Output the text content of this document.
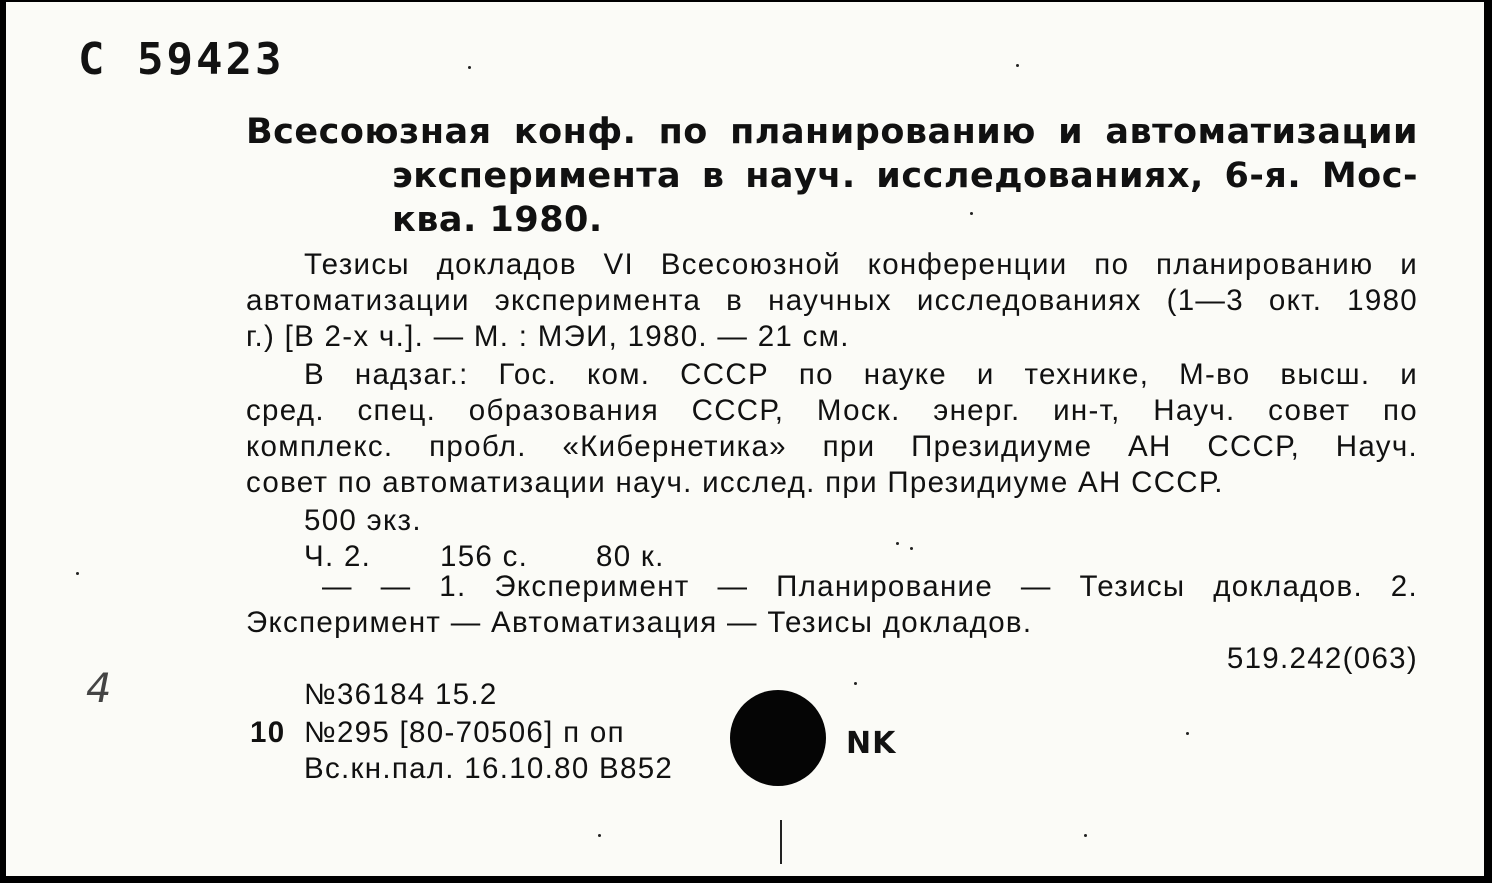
С 59423
Всесоюзная конф. по планированию и автоматизации
эксперимента в науч. исследованиях, 6-я. Мос-
ква. 1980.
Тезисы докладов VI Всесоюзной конференции по планированию и
автоматизации эксперимента в научных исследованиях (1—3 окт. 1980
г.) [В 2-х ч.]. — М. : МЭИ, 1980. — 21 см.
В надзаг.: Гос. ком. СССР по науке и технике, М-во высш. и
сред. спец. образования СССР, Моск. энерг. ин-т, Науч. совет по
комплекс. пробл. «Кибернетика» при Президиуме АН СССР, Науч.
совет по автоматизации науч. исслед. при Президиуме АН СССР.
500 экз.
Ч. 2. 156 с. 80 к.
— — 1. Эксперимент — Планирование — Тезисы докладов. 2.
Эксперимент — Автоматизация — Тезисы докладов.
519.242(063)
4	№36184 15.2
10 №295 [80-70506] п оп
Вс.кн.пал. 16.10.80 В852
NK
